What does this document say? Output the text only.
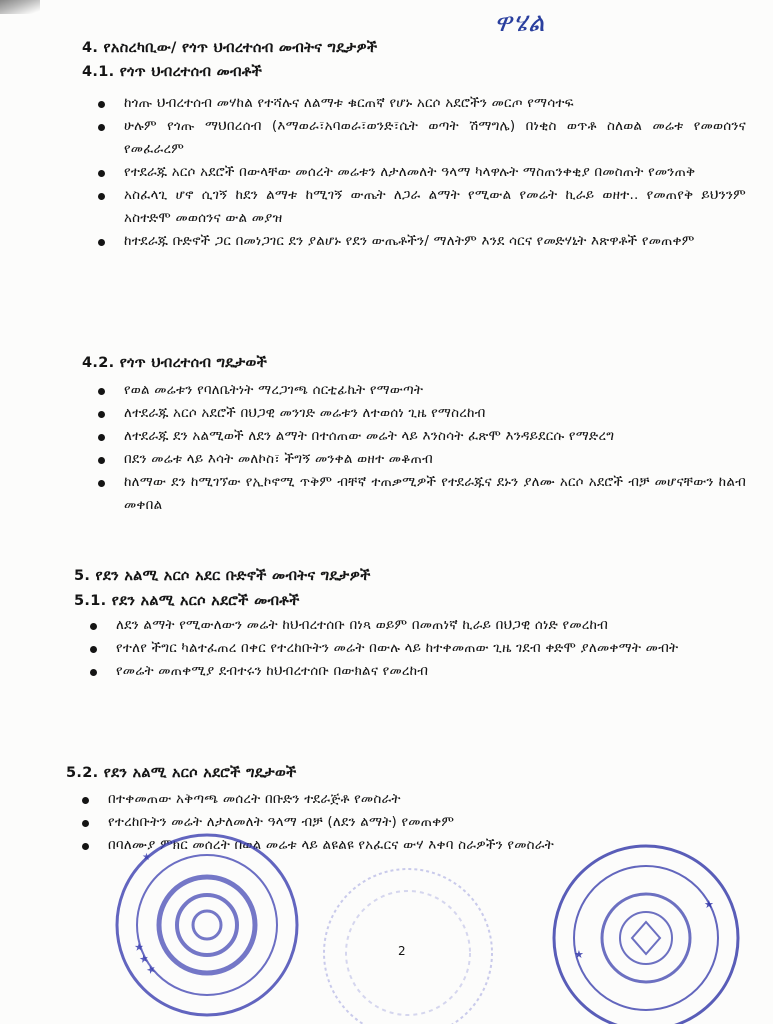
ዋሄል
4. የአስረካቢው/ የጎጥ ህብረተሰብ መብትና ግዴታዎች
4.1. የጎጥ ህብረተሰብ መብቶች
ከጎጡ ህብረተሰብ መሃከል የተሻሉና ለልማቱ ቁርጠኛ የሆኑ አርሶ አደሮችን መርጦ የማሳተፍ
ሁሉም የጎጡ ማህበረሰብ (እማወራ፣አባወራ፣ወንድ፣ሴት ወጣት ሽማግሌ) በነቂስ ወጥቶ ስለወል መሬቱ የመወሰንና የመፈራረም
የተደራጁ አርሶ አደሮች በውላቸው መሰረት መሬቱን ለታለመለት ዓላማ ካላዋሉት ማስጠንቀቂያ በመስጠት የመንጠቅ
አስፈላጊ ሆኖ ሲገኝ ከደን ልማቱ ከሚገኝ ውጤት ለጋራ ልማት የሚውል የመሬት ኪራይ ወዘተ.. የመጠየቅ ይህንንም አስተድሞ መወሰንና ውል መያዝ
ከተደራጁ ቡድኖች ጋር በመነጋገር ደን ያልሆኑ የደን ውጤቶችን/ ማለትም እንደ ሳርና የመድሃኒት እጽዋቶች የመጠቀም
4.2. የጎጥ ህብረተሰብ ግዴታወች
የወል መሬቱን የባለቤትነት ማረጋገጫ ሰርቲፊኬት የማውጣት
ለተደራጁ አርሶ አደሮች በህጋዊ መንገድ መሬቱን ለተወሰነ ጊዜ የማስረከብ
ለተደራጁ ደን አልሚወች ለደን ልማት በተሰጠው መሬት ላይ እንስሳት ፈጽሞ እንዳይደርሱ የማድረግ
በደን መሬቱ ላይ እሳት መለኮስ፣ ችግኝ መንቀል ወዘተ መቆጠብ
ከለማው ደን ከሚገኘው የኢኮኖሚ ጥቅም ብቸኛ ተጠቃሚዎች የተደራጁና ደኑን ያለሙ አርሶ አደሮች ብቻ መሆናቸውን ከልብ መቀበል
5. የደን አልሚ አርሶ አደር ቡድኖች መብትና ግዴታዎች
5.1. የደን አልሚ አርሶ አደሮች መብቶች
ለደን ልማት የሚውለውን መሬት ከህብረተሰቡ በነጻ ወይም በመጠነኛ ኪራይ በህጋዊ ሰነድ የመረከብ
የተለየ ችግር ካልተፈጠረ በቀር የተረከቡትን መሬት በውሉ ላይ ከተቀመጠው ጊዜ ገደብ ቀድሞ ያለመቀማት መብት
የመሬት መጠቀሚያ ደብተሩን ከህብረተሰቡ በውክልና የመረከብ
5.2. የደን አልሚ አርሶ አደሮች ግዴታወች
በተቀመጠው አቅጣጫ መሰረት በቡድን ተደራጅቶ የመስራት
የተረከቡትን መሬት ለታለመለት ዓላማ ብቻ (ለደን ልማት) የመጠቀም
በባለሙያ ምክር መሰረት በወል መሬቱ ላይ ልዩልዩ የአፈርና ውሃ እቀባ ስራዎችን የመስራት
★ ★ ★
★
★
★
2
